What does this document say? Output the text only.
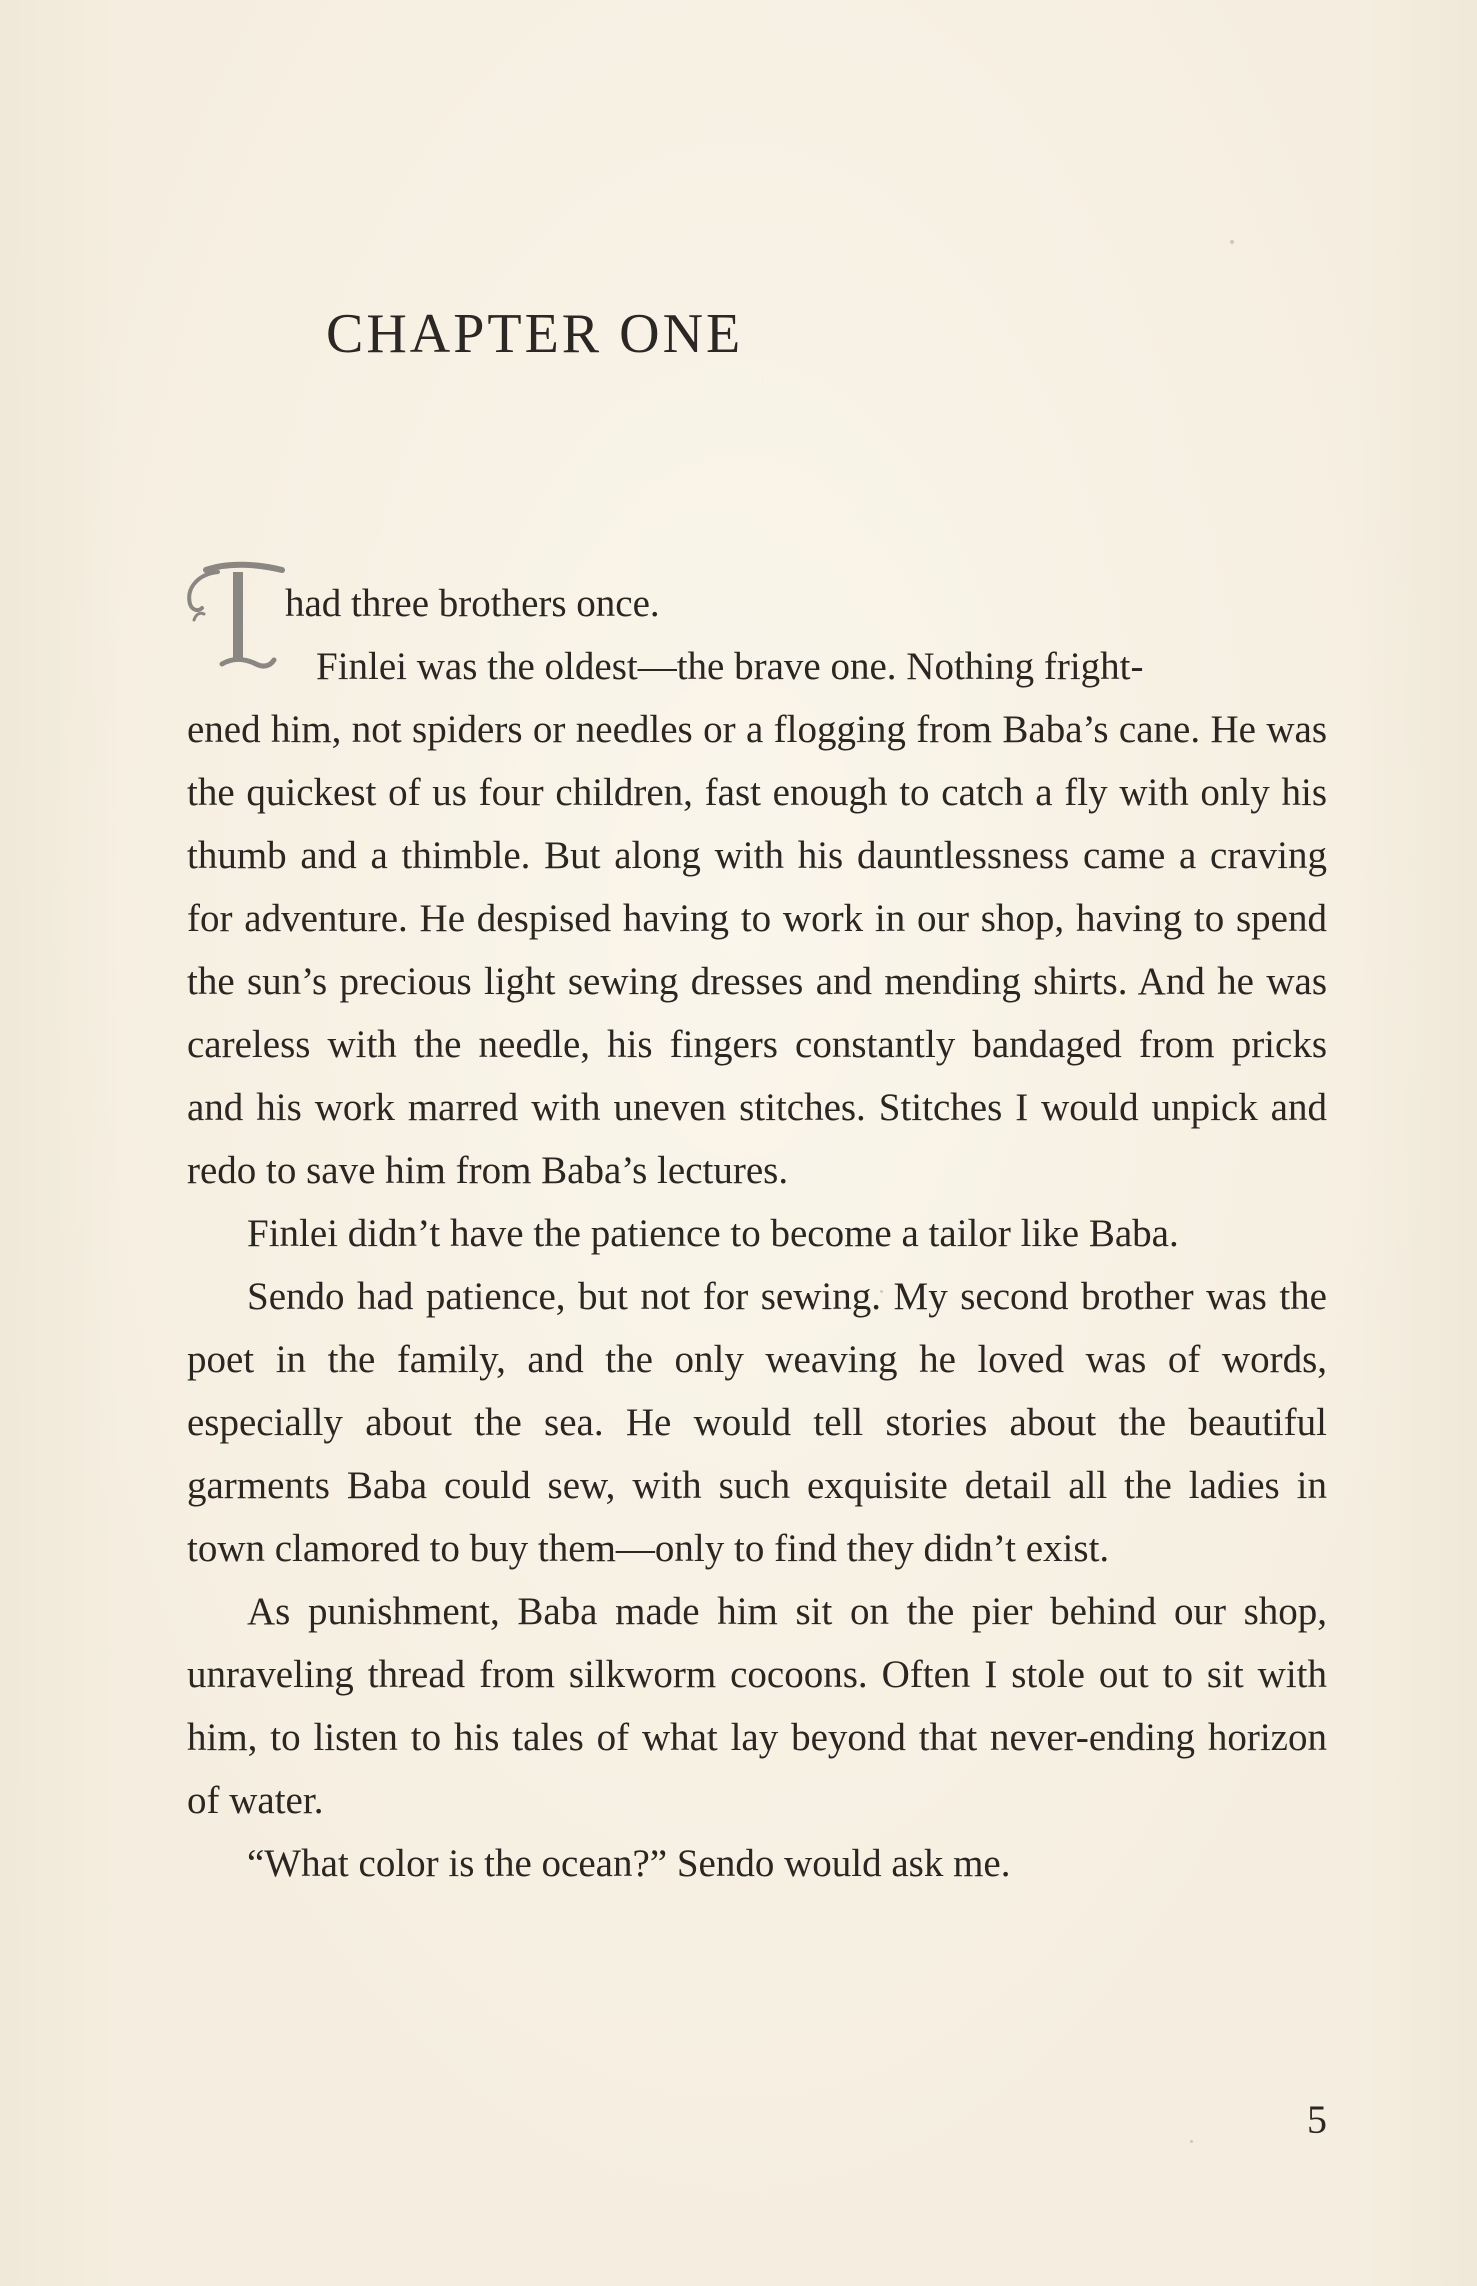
CHAPTER ONE

had three brothers once.

Finlei was the oldest—the brave one. Nothing fright-

ened him, not spiders or needles or a flogging from Baba’s cane. He was the quickest of us four children, fast enough to catch a fly with only his thumb and a thimble. But along with his dauntlessness came a craving for adventure. He despised having to work in our shop, having to spend the sun’s precious light sewing dresses and mending shirts. And he was careless with the needle, his fingers constantly bandaged from pricks and his work marred with uneven stitches. Stitches I would unpick and redo to save him from Baba’s lectures.

Finlei didn’t have the patience to become a tailor like Baba.

Sendo had patience, but not for sewing. My second brother was the poet in the family, and the only weaving he loved was of words, especially about the sea. He would tell stories about the beautiful garments Baba could sew, with such exquisite detail all the ladies in town clamored to buy them—only to find they didn’t exist.

As punishment, Baba made him sit on the pier behind our shop, unraveling thread from silkworm cocoons. Often I stole out to sit with him, to listen to his tales of what lay beyond that never-ending horizon of water.

“What color is the ocean?” Sendo would ask me.

5
